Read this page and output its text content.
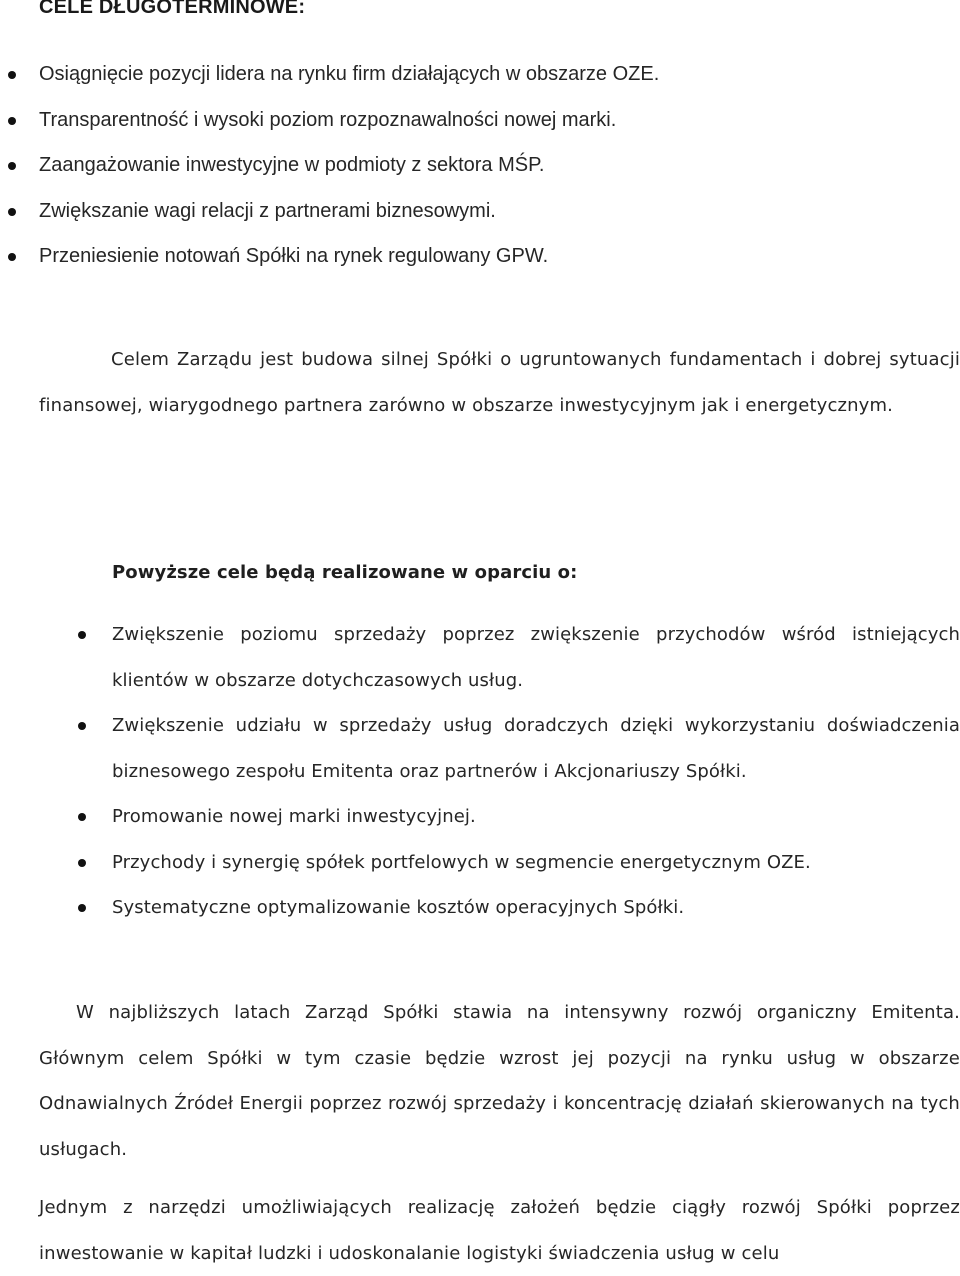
CELE DŁUGOTERMINOWE:
Osiągnięcie pozycji lidera na rynku firm działających w obszarze OZE.
Transparentność i wysoki poziom rozpoznawalności nowej marki.
Zaangażowanie inwestycyjne w podmioty z sektora MŚP.
Zwiększanie wagi relacji z partnerami biznesowymi.
Przeniesienie notowań Spółki na rynek regulowany GPW.

Celem Zarządu jest budowa silnej Spółki o ugruntowanych fundamentach i dobrej sytuacji finansowej, wiarygodnego partnera zarówno w obszarze inwestycyjnym jak i energetycznym.

Powyższe cele będą realizowane w oparciu o:

Zwiększenie poziomu sprzedaży poprzez zwiększenie przychodów wśród istniejących klientów w obszarze dotychczasowych usług.
Zwiększenie udziału w sprzedaży usług doradczych dzięki wykorzystaniu doświadczenia biznesowego zespołu Emitenta oraz partnerów i Akcjonariuszy Spółki.
Promowanie nowej marki inwestycyjnej.
Przychody i synergię spółek portfelowych w segmencie energetycznym OZE.
Systematyczne optymalizowanie kosztów operacyjnych Spółki.

W najbliższych latach Zarząd Spółki stawia na intensywny rozwój organiczny Emitenta. Głównym celem Spółki w tym czasie będzie wzrost jej pozycji na rynku usług w obszarze Odnawialnych Źródeł Energii poprzez rozwój sprzedaży i koncentrację działań skierowanych na tych usługach.

Jednym z narzędzi umożliwiających realizację założeń będzie ciągły rozwój Spółki poprzez inwestowanie w kapitał ludzki i udoskonalanie logistyki świadczenia usług w celu
